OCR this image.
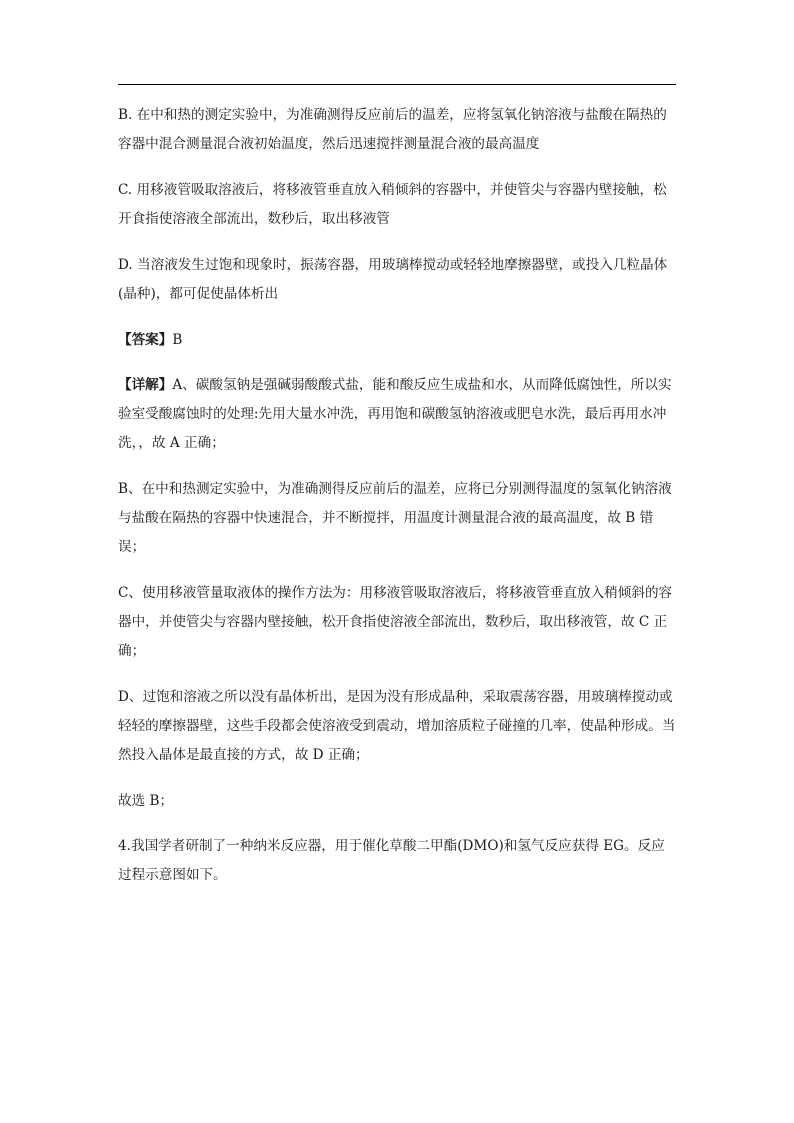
B. 在中和热的测定实验中，为准确测得反应前后的温差，应将氢氧化钠溶液与盐酸在隔热的容器中混合测量混合液初始温度，然后迅速搅拌测量混合液的最高温度

C. 用移液管吸取溶液后，将移液管垂直放入稍倾斜的容器中，并使管尖与容器内壁接触，松开食指使溶液全部流出，数秒后，取出移液管

D. 当溶液发生过饱和现象时，振荡容器，用玻璃棒搅动或轻轻地摩擦器壁，或投入几粒晶体(晶种)，都可促使晶体析出

【答案】B

【详解】A、碳酸氢钠是强碱弱酸酸式盐，能和酸反应生成盐和水，从而降低腐蚀性，所以实验室受酸腐蚀时的处理:先用大量水冲洗，再用饱和碳酸氢钠溶液或肥皂水洗，最后再用水冲洗，，故 A 正确；

B、在中和热测定实验中，为准确测得反应前后的温差，应将已分别测得温度的氢氧化钠溶液与盐酸在隔热的容器中快速混合，并不断搅拌，用温度计测量混合液的最高温度，故 B 错误；

C、使用移液管量取液体的操作方法为：用移液管吸取溶液后，将移液管垂直放入稍倾斜的容器中，并使管尖与容器内壁接触，松开食指使溶液全部流出，数秒后，取出移液管，故 C 正确；

D、过饱和溶液之所以没有晶体析出，是因为没有形成晶种，采取震荡容器，用玻璃棒搅动或轻轻的摩擦器壁，这些手段都会使溶液受到震动，增加溶质粒子碰撞的几率，使晶种形成。当然投入晶体是最直接的方式，故 D 正确；

故选 B；

4.我国学者研制了一种纳米反应器，用于催化草酸二甲酯(DMO)和氢气反应获得 EG。反应过程示意图如下。
